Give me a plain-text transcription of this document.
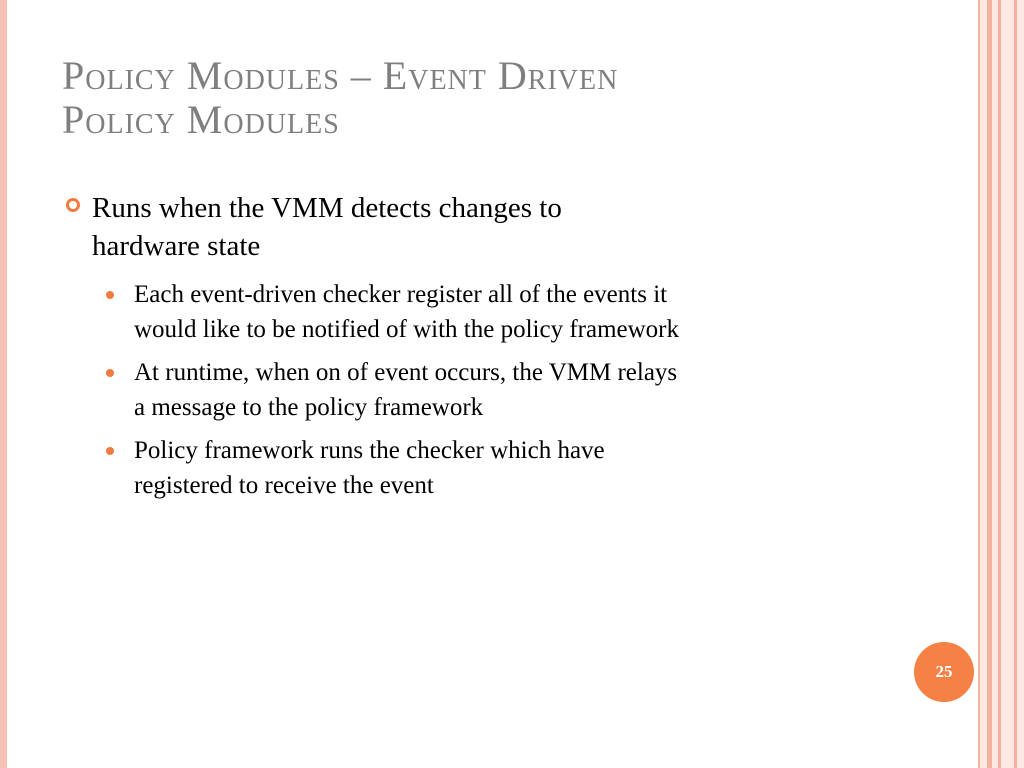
Policy Modules – Event Driven
Policy Modules
Runs when the VMM detects changes to
hardware state
Each event-driven checker register all of the events it
would like to be notified of with the policy framework
At runtime, when on of event occurs, the VMM relays
a message to the policy framework
Policy framework runs the checker which have
registered to receive the event
25
